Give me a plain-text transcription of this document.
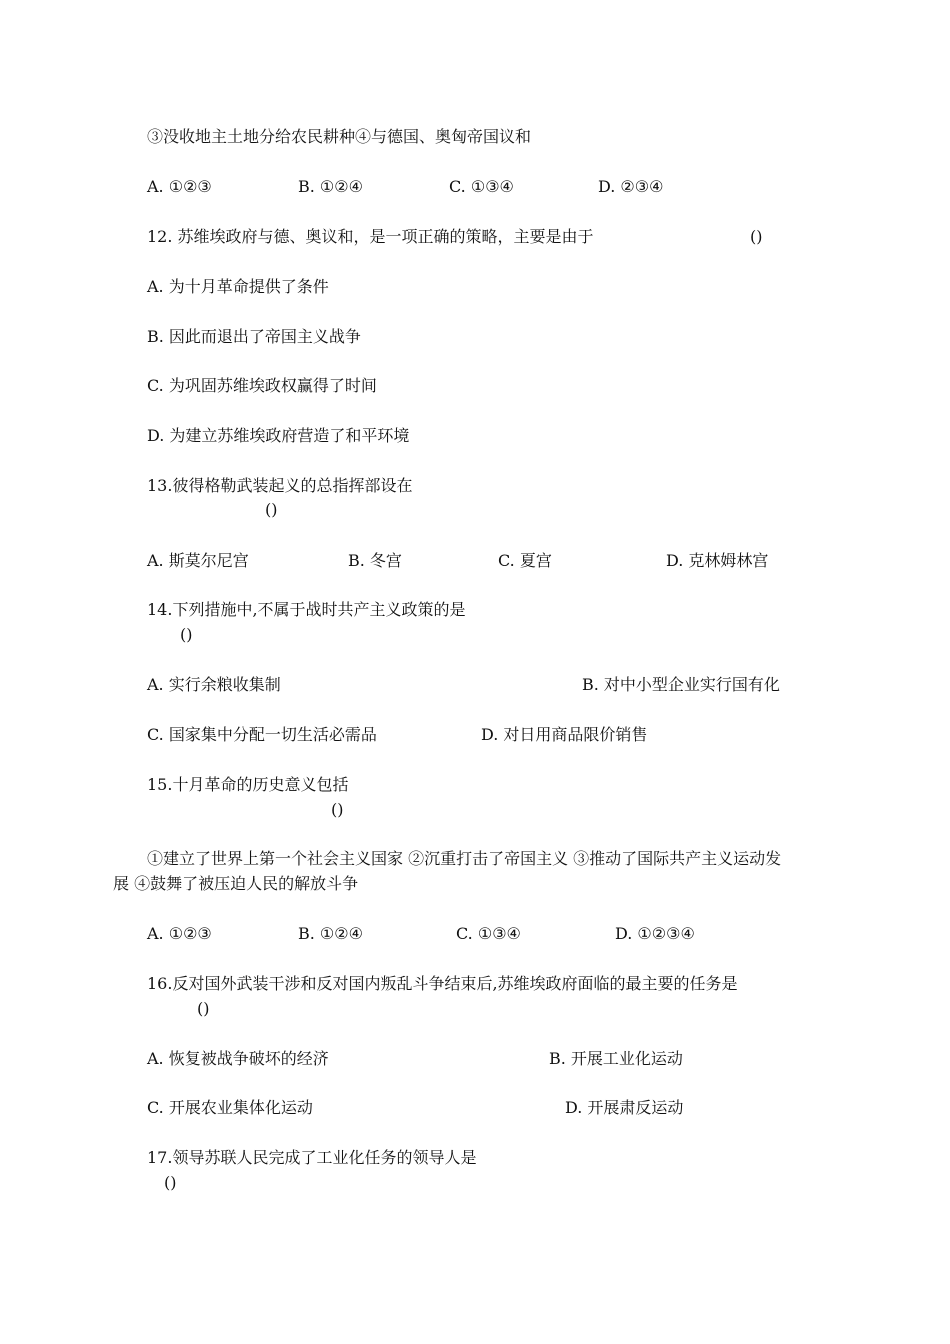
③没收地主土地分给农民耕种④与德国、奥匈帝国议和
A. ①②③	B. ①②④	C. ①③④	D. ②③④
12. 苏维埃政府与德、奥议和，是一项正确的策略，主要是由于	()
A. 为十月革命提供了条件
B. 因此而退出了帝国主义战争
C. 为巩固苏维埃政权赢得了时间
D. 为建立苏维埃政府营造了和平环境
13.彼得格勒武装起义的总指挥部设在
()
A. 斯莫尔尼宫	B. 冬宫	C. 夏宫	D. 克林姆林宫
14.下列措施中,不属于战时共产主义政策的是
()
A. 实行余粮收集制	B. 对中小型企业实行国有化
C. 国家集中分配一切生活必需品	D. 对日用商品限价销售
15.十月革命的历史意义包括
()
①建立了世界上第一个社会主义国家 ②沉重打击了帝国主义 ③推动了国际共产主义运动发
展 ④鼓舞了被压迫人民的解放斗争
A. ①②③	B. ①②④	C. ①③④	D. ①②③④
16.反对国外武装干涉和反对国内叛乱斗争结束后,苏维埃政府面临的最主要的任务是
()
A. 恢复被战争破坏的经济	B. 开展工业化运动
C. 开展农业集体化运动	D. 开展肃反运动
17.领导苏联人民完成了工业化任务的领导人是
()
